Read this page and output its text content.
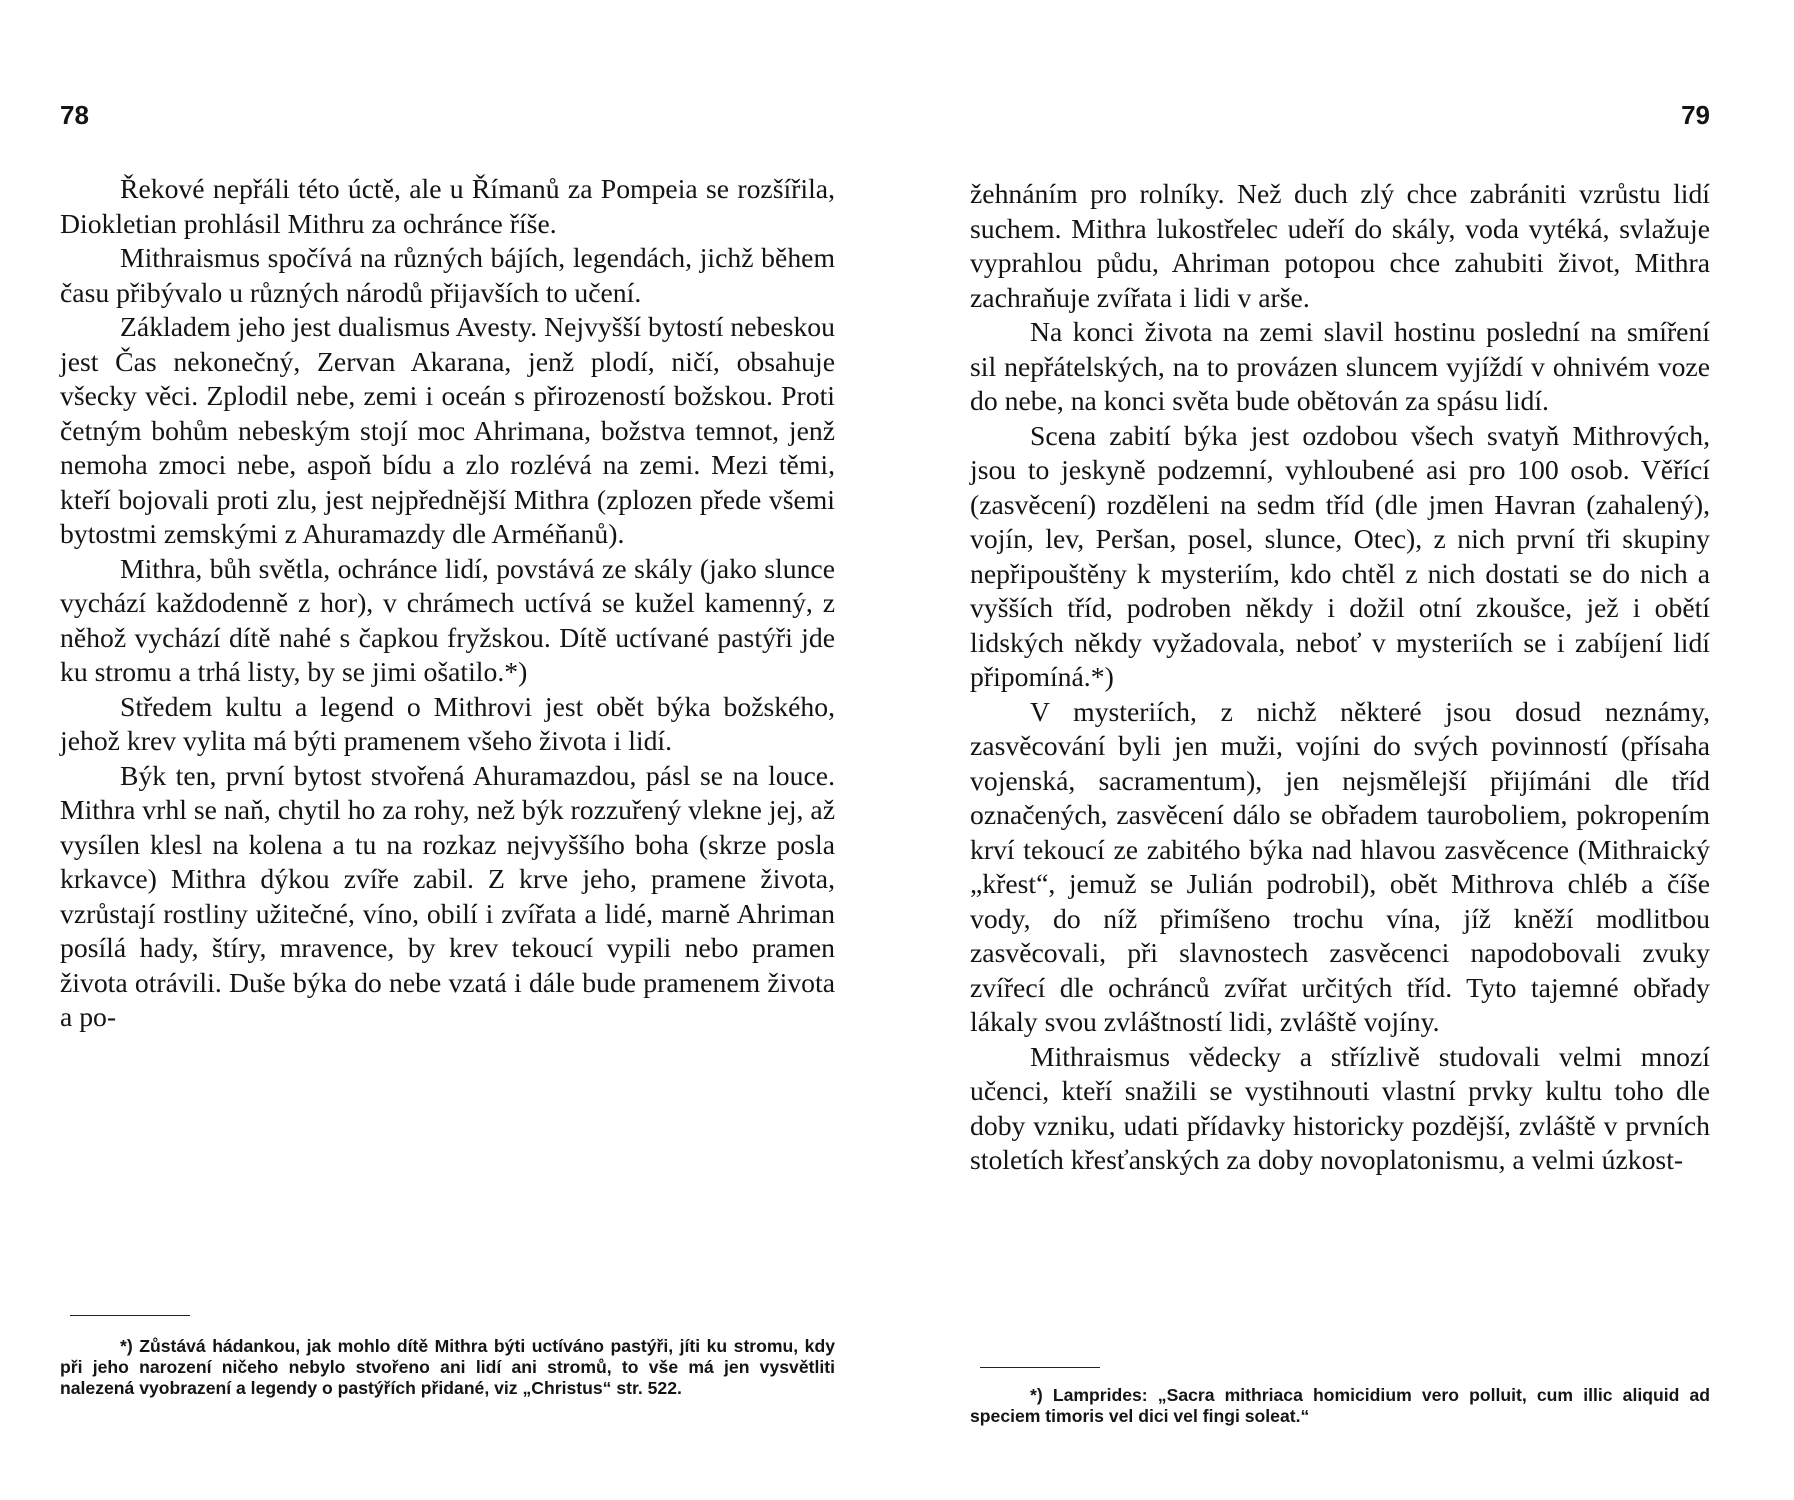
78

Řekové nepřáli této úctě, ale u Římanů za Pompeia se rozšířila, Diokletian prohlásil Mithru za ochránce říše.

Mithraismus spočívá na různých bájích, legendách, jichž během času přibývalo u různých národů přijavších to učení.

Základem jeho jest dualismus Avesty. Nejvyšší bytostí nebeskou jest Čas nekonečný, Zervan Akarana, jenž plodí, ničí, obsahuje všecky věci. Zplodil nebe, zemi i oceán s přirozeností božskou. Proti četným bohům nebeským stojí moc Ahrimana, božstva temnot, jenž nemoha zmoci nebe, aspoň bídu a zlo rozlévá na zemi. Mezi těmi, kteří bojovali proti zlu, jest nejpřednější Mithra (zplozen přede všemi bytostmi zemskými z Ahuramazdy dle Arméňanů).

Mithra, bůh světla, ochránce lidí, povstává ze skály (jako slunce vychází každodenně z hor), v chrámech uctívá se kužel kamenný, z něhož vychází dítě nahé s čapkou fryžskou. Dítě uctívané pastýři jde ku stromu a trhá listy, by se jimi ošatilo.*)

Středem kultu a legend o Mithrovi jest obět býka božského, jehož krev vylita má býti pramenem všeho života i lidí.

Býk ten, první bytost stvořená Ahuramazdou, pásl se na louce. Mithra vrhl se naň, chytil ho za rohy, než býk rozzuřený vlekne jej, až vysílen klesl na kolena a tu na rozkaz nejvyššího boha (skrze posla krkavce) Mithra dýkou zvíře zabil. Z krve jeho, pramene života, vzrůstají rostliny užitečné, víno, obilí i zvířata a lidé, marně Ahriman posílá hady, štíry, mravence, by krev tekoucí vypili nebo pramen života otrávili. Duše býka do nebe vzatá i dále bude pramenem života a po-

*) Zůstává hádankou, jak mohlo dítě Mithra býti uctíváno pastýři, jíti ku stromu, kdy při jeho narození ničeho nebylo stvořeno ani lidí ani stromů, to vše má jen vysvětliti nalezená vyobrazení a legendy o pastýřích přidané, viz „Christus“ str. 522.

79

žehnáním pro rolníky. Než duch zlý chce zabrániti vzrůstu lidí suchem. Mithra lukostřelec udeří do skály, voda vytéká, svlažuje vyprahlou půdu, Ahriman potopou chce zahubiti život, Mithra zachraňuje zvířata i lidi v arše.

Na konci života na zemi slavil hostinu poslední na smíření sil nepřátelských, na to provázen sluncem vyjíždí v ohnivém voze do nebe, na konci světa bude obětován za spásu lidí.

Scena zabití býka jest ozdobou všech svatyň Mithrových, jsou to jeskyně podzemní, vyhloubené asi pro 100 osob. Věřící (zasvěcení) rozděleni na sedm tříd (dle jmen Havran (zahalený), vojín, lev, Peršan, posel, slunce, Otec), z nich první tři skupiny nepřipouštěny k mysteriím, kdo chtěl z nich dostati se do nich a vyšších tříd, podroben někdy i dožil otní zkoušce, jež i obětí lidských někdy vyžadovala, neboť v mysteriích se i zabíjení lidí připomíná.*)

V mysteriích, z nichž některé jsou dosud neznámy, zasvěcování byli jen muži, vojíni do svých povinností (přísaha vojenská, sacramentum), jen nejsmělejší přijímáni dle tříd označených, zasvěcení dálo se obřadem tauroboliem, pokropením krví tekoucí ze zabitého býka nad hlavou zasvěcence (Mithraický „křest“, jemuž se Julián podrobil), obět Mithrova chléb a číše vody, do níž přimíšeno trochu vína, jíž kněží modlitbou zasvěcovali, při slavnostech zasvěcenci napodobovali zvuky zvířecí dle ochránců zvířat určitých tříd. Tyto tajemné obřady lákaly svou zvláštností lidi, zvláště vojíny.

Mithraismus vědecky a střízlivě studovali velmi mnozí učenci, kteří snažili se vystihnouti vlastní prvky kultu toho dle doby vzniku, udati přídavky historicky pozdější, zvláště v prvních stoletích křesťanských za doby novoplatonismu, a velmi úzkost-

*) Lamprides: „Sacra mithriaca homicidium vero polluit, cum illic aliquid ad speciem timoris vel dici vel fingi soleat.“
